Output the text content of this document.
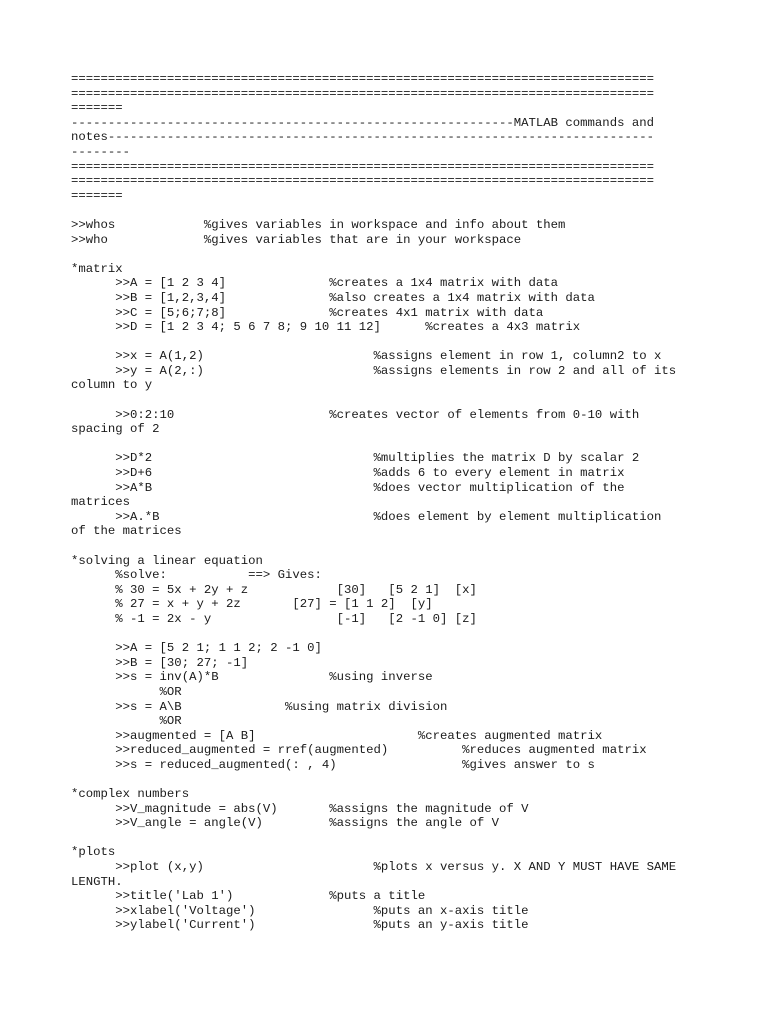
===============================================================================
===============================================================================
=======
------------------------------------------------------------MATLAB commands and
notes--------------------------------------------------------------------------
--------
===============================================================================
===============================================================================
=======

>>whos            %gives variables in workspace and info about them
>>who             %gives variables that are in your workspace

*matrix
>>A = [1 2 3 4]              %creates a 1x4 matrix with data
>>B = [1,2,3,4]              %also creates a 1x4 matrix with data
>>C = [5;6;7;8]              %creates 4x1 matrix with data
>>D = [1 2 3 4; 5 6 7 8; 9 10 11 12]      %creates a 4x3 matrix

>>x = A(1,2)                       %assigns element in row 1, column2 to x
>>y = A(2,:)                       %assigns elements in row 2 and all of its
column to y

>>0:2:10                     %creates vector of elements from 0-10 with
spacing of 2

>>D*2                              %multiplies the matrix D by scalar 2
>>D+6                              %adds 6 to every element in matrix
>>A*B                              %does vector multiplication of the
matrices
>>A.*B                             %does element by element multiplication
of the matrices

*solving a linear equation
%solve:           ==> Gives:
% 30 = 5x + 2y + z            [30]   [5 2 1]  [x]
% 27 = x + y + 2z       [27] = [1 1 2]  [y]
% -1 = 2x - y                 [-1]   [2 -1 0] [z]

>>A = [5 2 1; 1 1 2; 2 -1 0]
>>B = [30; 27; -1]
>>s = inv(A)*B               %using inverse
%OR
>>s = A\B              %using matrix division
%OR
>>augmented = [A B]                      %creates augmented matrix
>>reduced_augmented = rref(augmented)          %reduces augmented matrix
>>s = reduced_augmented(: , 4)                 %gives answer to s

*complex numbers
>>V_magnitude = abs(V)       %assigns the magnitude of V
>>V_angle = angle(V)         %assigns the angle of V

*plots
>>plot (x,y)                       %plots x versus y. X AND Y MUST HAVE SAME
LENGTH.
>>title('Lab 1')             %puts a title
>>xlabel('Voltage')                %puts an x-axis title
>>ylabel('Current')                %puts an y-axis title
